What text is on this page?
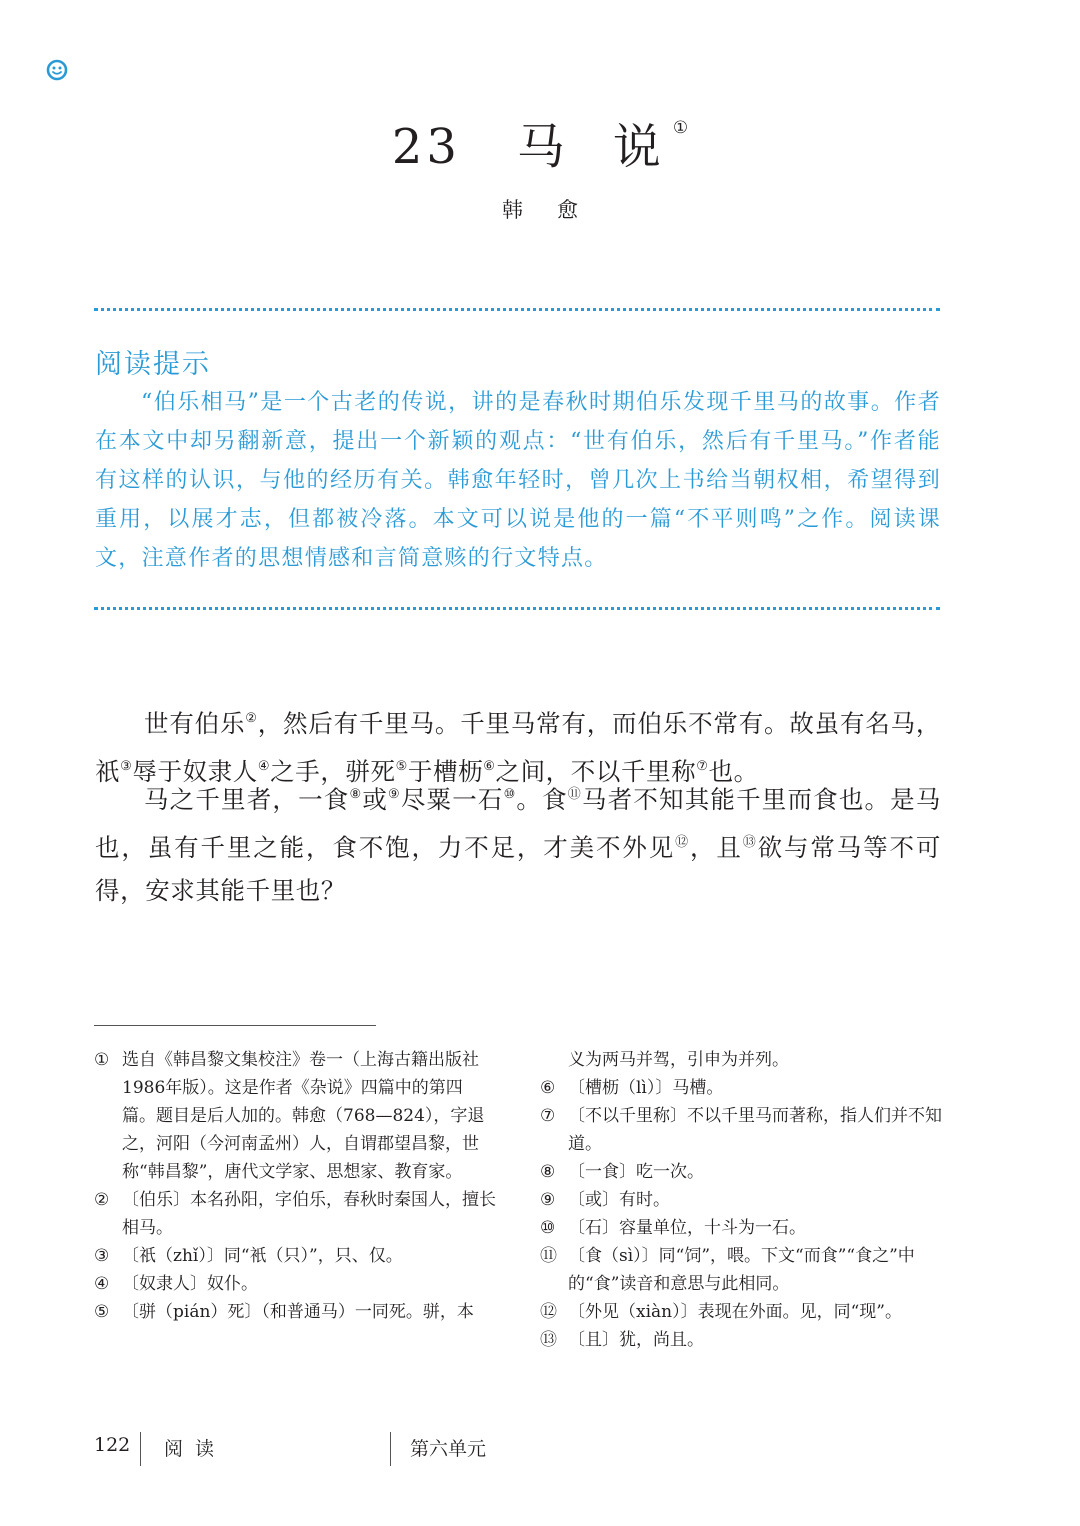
23 马 说 ①
韩愈
阅读提示
“伯乐相马”是一个古老的传说，讲的是春秋时期伯乐发现千里马的故事。作者在本文中却另翻新意，提出一个新颖的观点：“世有伯乐，然后有千里马。”作者能有这样的认识，与他的经历有关。韩愈年轻时，曾几次上书给当朝权相，希望得到重用，以展才志，但都被冷落。本文可以说是他的一篇“不平则鸣”之作。阅读课文，注意作者的思想情感和言简意赅的行文特点。
世有伯乐②，然后有千里马。千里马常有，而伯乐不常有。故虽有名马，祇③辱于奴隶人④之手，骈死⑤于槽枥⑥之间，不以千里称⑦也。
马之千里者，一食⑧或⑨尽粟一石⑩。食⑪马者不知其能千里而食也。是马也，虽有千里之能，食不饱，力不足，才美不外见⑫，且⑬欲与常马等不可得，安求其能千里也？
① 选自《韩昌黎文集校注》卷一（上海古籍出版社1986年版）。这是作者《杂说》四篇中的第四篇。题目是后人加的。韩愈（768—824），字退之，河阳（今河南孟州）人，自谓郡望昌黎，世称“韩昌黎”，唐代文学家、思想家、教育家。
② 〔伯乐〕本名孙阳，字伯乐，春秋时秦国人，擅长相马。
③ 〔祇（zhǐ）〕同“衹（只）”，只、仅。
④ 〔奴隶人〕奴仆。
⑤ 〔骈（pián）死〕（和普通马）一同死。骈，本
义为两马并驾，引申为并列。
⑥ 〔槽枥（lì）〕马槽。
⑦ 〔不以千里称〕不以千里马而著称，指人们并不知道。
⑧ 〔一食〕吃一次。
⑨ 〔或〕有时。
⑩ 〔石〕容量单位，十斗为一石。
⑪ 〔食（sì）〕同“饲”，喂。下文“而食”“食之”中的“食”读音和意思与此相同。
⑫ 〔外见（xiàn）〕表现在外面。见，同“现”。
⑬ 〔且〕犹，尚且。
122 阅读	第六单元
